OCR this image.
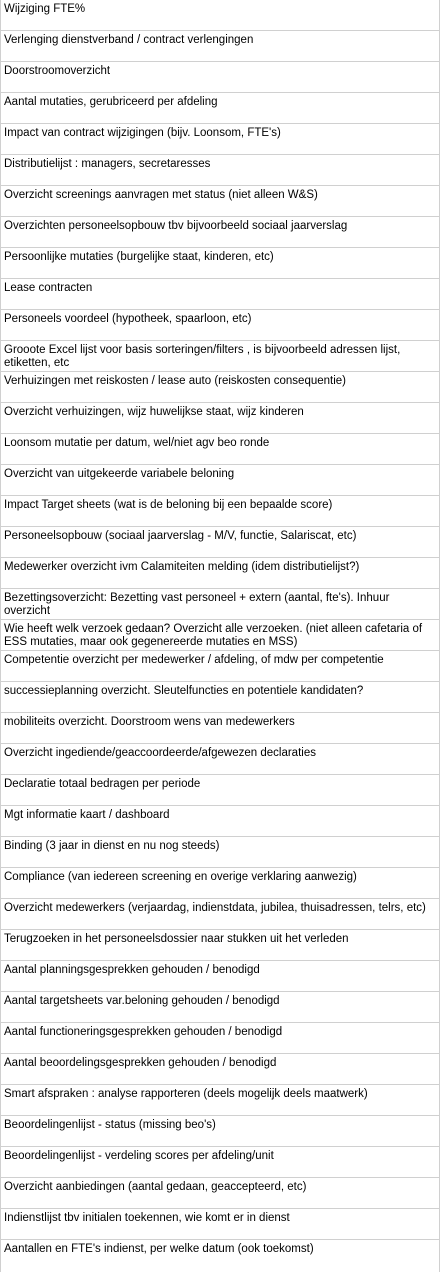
Wijziging FTE%
Verlenging dienstverband / contract verlengingen
Doorstroomoverzicht
Aantal mutaties, gerubriceerd per afdeling
Impact van contract wijzigingen (bijv. Loonsom, FTE's)
Distributielijst : managers, secretaresses
Overzicht screenings aanvragen met status (niet alleen W&S)
Overzichten personeelsopbouw tbv bijvoorbeeld sociaal jaarverslag
Persoonlijke mutaties (burgelijke staat, kinderen, etc)
Lease contracten
Personeels voordeel (hypotheek, spaarloon, etc)
Grooote Excel lijst voor basis sorteringen/filters , is bijvoorbeeld adressen lijst, etiketten, etc
Verhuizingen met reiskosten / lease auto (reiskosten consequentie)
Overzicht verhuizingen, wijz huwelijkse staat, wijz kinderen
Loonsom mutatie per datum, wel/niet agv beo ronde
Overzicht van uitgekeerde variabele beloning
Impact Target sheets (wat is de beloning bij een bepaalde score)
Personeelsopbouw (sociaal jaarverslag - M/V, functie, Salariscat, etc)
Medewerker overzicht ivm Calamiteiten melding (idem distributielijst?)
Bezettingsoverzicht: Bezetting vast personeel + extern (aantal, fte's). Inhuur overzicht
Wie heeft welk verzoek gedaan? Overzicht alle verzoeken. (niet alleen cafetaria of ESS mutaties, maar ook gegenereerde mutaties en MSS)
Competentie overzicht per medewerker / afdeling, of mdw per competentie
successieplanning overzicht. Sleutelfuncties en potentiele kandidaten?
mobiliteits overzicht. Doorstroom wens van medewerkers
Overzicht ingediende/geaccoordeerde/afgewezen declaraties
Declaratie totaal bedragen per periode
Mgt informatie kaart / dashboard
Binding (3 jaar in dienst en nu nog steeds)
Compliance (van iedereen screening en overige verklaring aanwezig)
Overzicht medewerkers (verjaardag, indienstdata, jubilea, thuisadressen, telrs, etc)
Terugzoeken in het personeelsdossier naar stukken uit het verleden
Aantal planningsgesprekken gehouden / benodigd
Aantal targetsheets var.beloning gehouden / benodigd
Aantal functioneringsgesprekken gehouden / benodigd
Aantal beoordelingsgesprekken gehouden / benodigd
Smart afspraken : analyse rapporteren (deels mogelijk deels maatwerk)
Beoordelingenlijst - status (missing beo's)
Beoordelingenlijst - verdeling scores per afdeling/unit
Overzicht aanbiedingen (aantal gedaan, geaccepteerd, etc)
Indienstlijst tbv initialen toekennen, wie komt er in dienst
Aantallen en FTE's indienst, per welke datum (ook toekomst)
